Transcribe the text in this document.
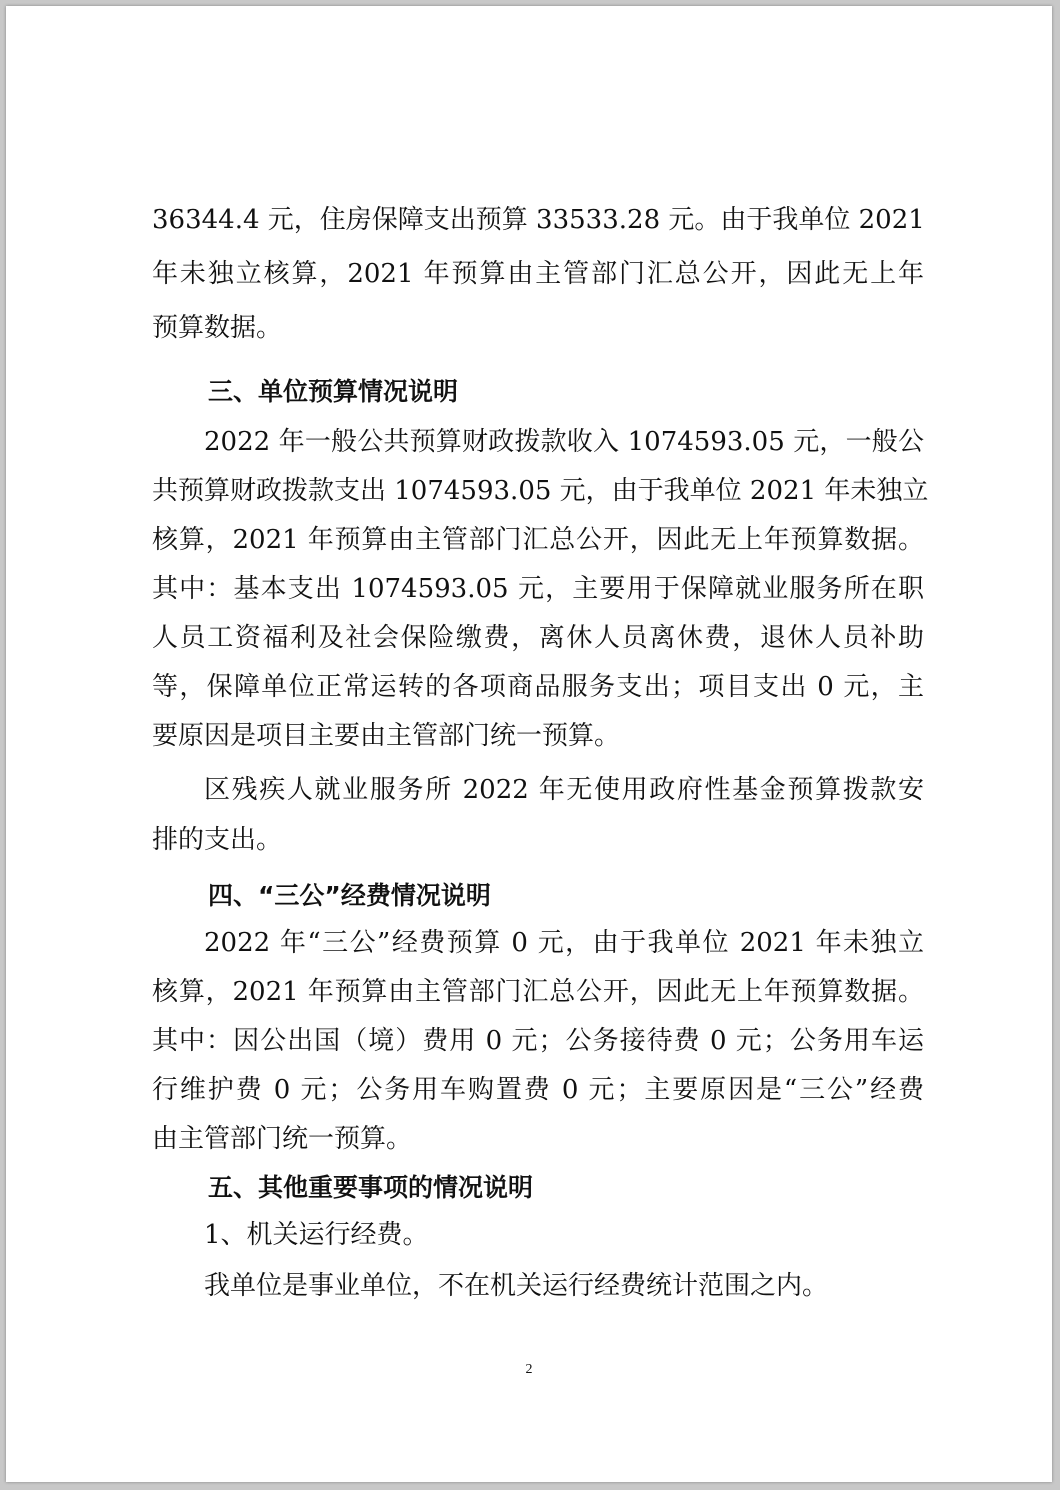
36344.4 元，住房保障支出预算 33533.28 元。由于我单位 2021
年未独立核算，2021 年预算由主管部门汇总公开，因此无上年
预算数据。
三、单位预算情况说明
2022 年一般公共预算财政拨款收入 1074593.05 元，一般公
共预算财政拨款支出 1074593.05 元，由于我单位 2021 年未独立
核算，2021 年预算由主管部门汇总公开，因此无上年预算数据。
其中：基本支出 1074593.05 元，主要用于保障就业服务所在职
人员工资福利及社会保险缴费，离休人员离休费，退休人员补助
等，保障单位正常运转的各项商品服务支出；项目支出 0 元，主
要原因是项目主要由主管部门统一预算。
区残疾人就业服务所 2022 年无使用政府性基金预算拨款安
排的支出。
四、“三公”经费情况说明
2022 年“三公”经费预算 0 元，由于我单位 2021 年未独立
核算，2021 年预算由主管部门汇总公开，因此无上年预算数据。
其中：因公出国（境）费用 0 元；公务接待费 0 元；公务用车运
行维护费 0 元；公务用车购置费 0 元；主要原因是“三公”经费
由主管部门统一预算。
五、其他重要事项的情况说明
1、机关运行经费。
我单位是事业单位，不在机关运行经费统计范围之内。
2
